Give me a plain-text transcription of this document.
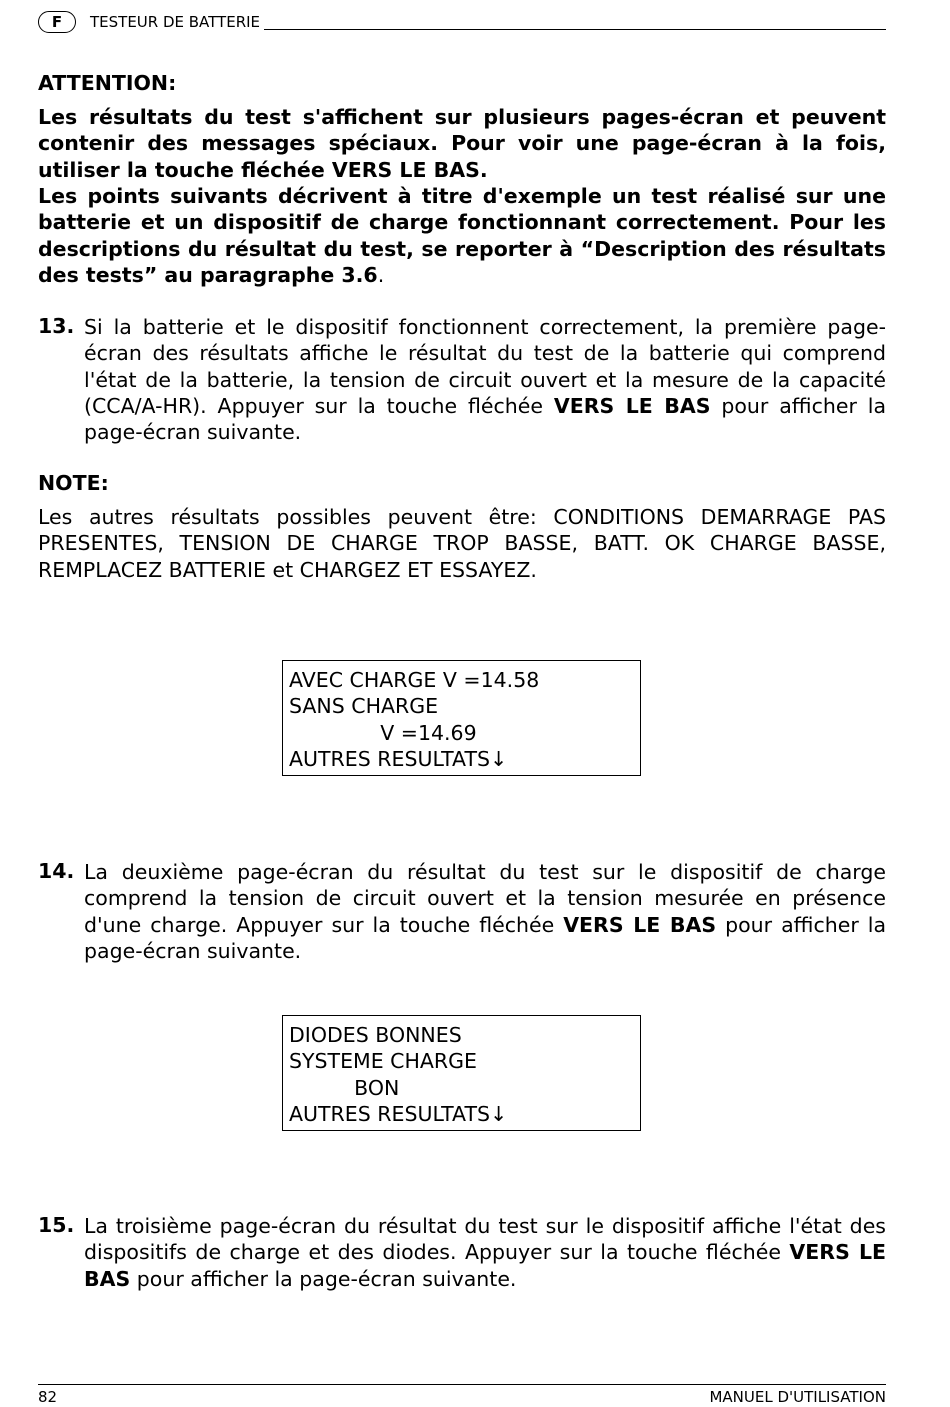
F	TESTEUR DE BATTERIE
ATTENTION:
Les résultats du test s'affichent sur plusieurs pages-écran et peuvent contenir des messages spéciaux. Pour voir une page-écran à la fois, utiliser la touche fléchée VERS LE BAS.
Les points suivants décrivent à titre d'exemple un test réalisé sur une batterie et un dispositif de charge fonctionnant correctement. Pour les descriptions du résultat du test, se reporter à “Description des résultats des tests” au paragraphe 3.6.
13. Si la batterie et le dispositif fonctionnent correctement, la première page-écran des résultats affiche le résultat du test de la batterie qui comprend l'état de la batterie, la tension de circuit ouvert et la mesure de la capacité (CCA/A-HR). Appuyer sur la touche fléchée VERS LE BAS pour afficher la page-écran suivante.
NOTE:
Les autres résultats possibles peuvent être: CONDITIONS DEMARRAGE PAS PRESENTES, TENSION DE CHARGE TROP BASSE, BATT. OK CHARGE BASSE, REMPLACEZ BATTERIE et CHARGEZ ET ESSAYEZ.
AVEC CHARGE V =14.58
SANS CHARGE
V =14.69
AUTRES RESULTATS↓
14. La deuxième page-écran du résultat du test sur le dispositif de charge comprend la tension de circuit ouvert et la tension mesurée en présence d'une charge. Appuyer sur la touche fléchée VERS LE BAS pour afficher la page-écran suivante.
DIODES BONNES
SYSTEME CHARGE
BON
AUTRES RESULTATS↓
15. La troisième page-écran du résultat du test sur le dispositif affiche l'état des dispositifs de charge et des diodes. Appuyer sur la touche fléchée VERS LE BAS pour afficher la page-écran suivante.
82	MANUEL D'UTILISATION
